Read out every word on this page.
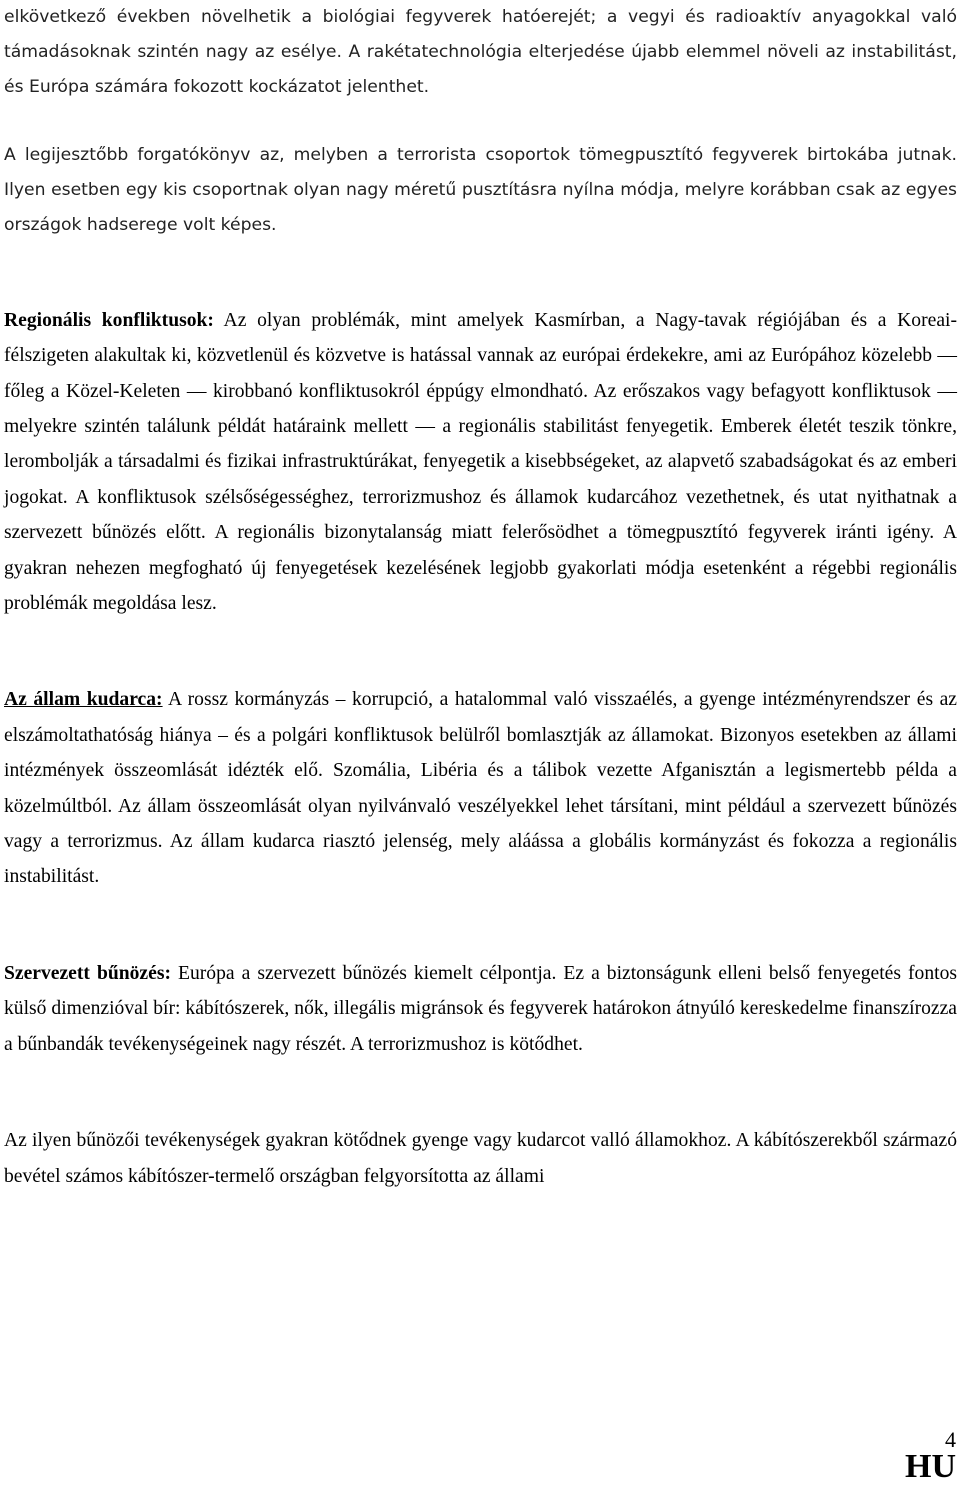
elkövetkező években növelhetik a biológiai fegyverek hatóerejét; a vegyi és radioaktív anyagokkal való támadásoknak szintén nagy az esélye. A rakétatechnológia elterjedése újabb elemmel növeli az instabilitást, és Európa számára fokozott kockázatot jelenthet.

A legijesztőbb forgatókönyv az, melyben a terrorista csoportok tömegpusztító fegyverek birtokába jutnak. Ilyen esetben egy kis csoportnak olyan nagy méretű pusztításra nyílna módja, melyre korábban csak az egyes országok hadserege volt képes.

Regionális konfliktusok: Az olyan problémák, mint amelyek Kasmírban, a Nagy-tavak régiójában és a Koreai-félszigeten alakultak ki, közvetlenül és közvetve is hatással vannak az európai érdekekre, ami az Európához közelebb — főleg a Közel-Keleten — kirobbanó konfliktusokról éppúgy elmondható. Az erőszakos vagy befagyott konfliktusok — melyekre szintén találunk példát határaink mellett — a regionális stabilitást fenyegetik. Emberek életét teszik tönkre, lerombolják a társadalmi és fizikai infrastruktúrákat, fenyegetik a kisebbségeket, az alapvető szabadságokat és az emberi jogokat. A konfliktusok szélsőségességhez, terrorizmushoz és államok kudarcához vezethetnek, és utat nyithatnak a szervezett bűnözés előtt. A regionális bizonytalanság miatt felerősödhet a tömegpusztító fegyverek iránti igény. A gyakran nehezen megfogható új fenyegetések kezelésének legjobb gyakorlati módja esetenként a régebbi regionális problémák megoldása lesz.

Az állam kudarca: A rossz kormányzás – korrupció, a hatalommal való visszaélés, a gyenge intézményrendszer és az elszámoltathatóság hiánya – és a polgári konfliktusok belülről bomlasztják az államokat. Bizonyos esetekben az állami intézmények összeomlását idézték elő. Szomália, Libéria és a tálibok vezette Afganisztán a legismertebb példa a közelmúltból. Az állam összeomlását olyan nyilvánvaló veszélyekkel lehet társítani, mint például a szervezett bűnözés vagy a terrorizmus. Az állam kudarca riasztó jelenség, mely aláássa a globális kormányzást és fokozza a regionális instabilitást.

Szervezett bűnözés: Európa a szervezett bűnözés kiemelt célpontja. Ez a biztonságunk elleni belső fenyegetés fontos külső dimenzióval bír: kábítószerek, nők, illegális migránsok és fegyverek határokon átnyúló kereskedelme finanszírozza a bűnbandák tevékenységeinek nagy részét. A terrorizmushoz is kötődhet.

Az ilyen bűnözői tevékenységek gyakran kötődnek gyenge vagy kudarcot valló államokhoz. A kábítószerekből származó bevétel számos kábítószer-termelő országban felgyorsította az állami

4
HU
